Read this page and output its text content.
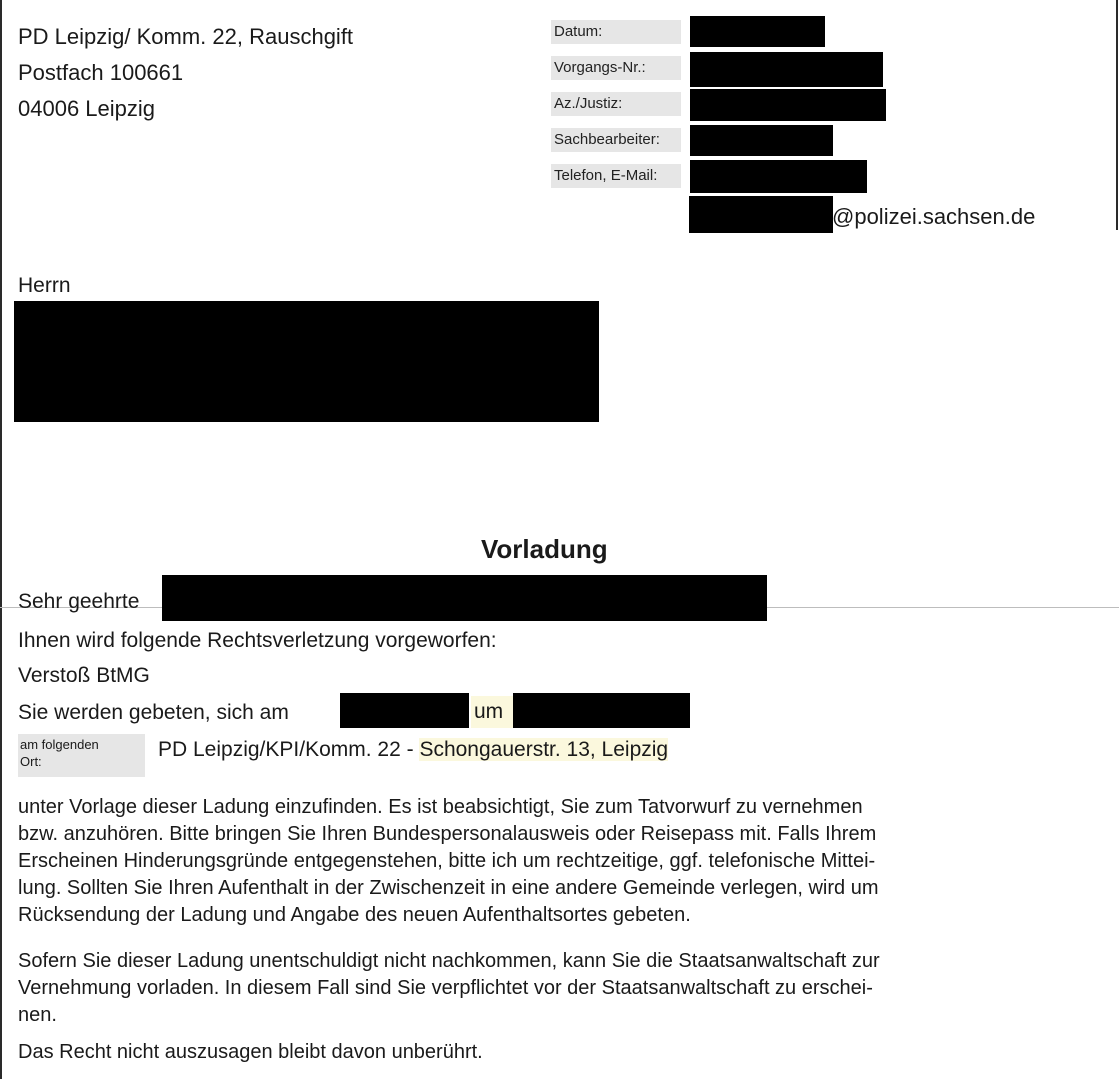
PD Leipzig/ Komm. 22, Rauschgift
Postfach 100661
04006 Leipzig
Datum:
Vorgangs-Nr.:
Az./Justiz:
Sachbearbeiter:
Telefon, E-Mail:
@polizei.sachsen.de
Herrn
Vorladung
Sehr geehrte
Ihnen wird folgende Rechtsverletzung vorgeworfen:
Verstoß BtMG
Sie werden gebeten, sich am	um
am folgenden
Ort:
PD Leipzig/KPI/Komm. 22 - Schongauerstr. 13, Leipzig
unter Vorlage dieser Ladung einzufinden. Es ist beabsichtigt, Sie zum Tatvorwurf zu vernehmen
bzw. anzuhören. Bitte bringen Sie Ihren Bundespersonalausweis oder Reisepass mit. Falls Ihrem
Erscheinen Hinderungsgründe entgegenstehen, bitte ich um rechtzeitige, ggf. telefonische Mittei-
lung. Sollten Sie Ihren Aufenthalt in der Zwischenzeit in eine andere Gemeinde verlegen, wird um
Rücksendung der Ladung und Angabe des neuen Aufenthaltsortes gebeten.
Sofern Sie dieser Ladung unentschuldigt nicht nachkommen, kann Sie die Staatsanwaltschaft zur
Vernehmung vorladen. In diesem Fall sind Sie verpflichtet vor der Staatsanwaltschaft zu erschei-
nen.
Das Recht nicht auszusagen bleibt davon unberührt.
